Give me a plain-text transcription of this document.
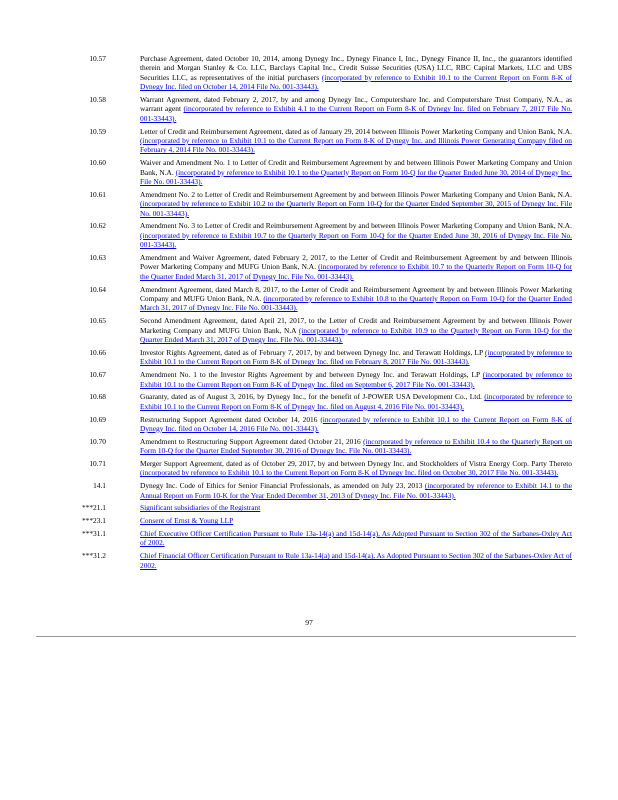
10.57	Purchase Agreement, dated October 10, 2014, among Dynegy Inc., Dynegy Finance I, Inc., Dynegy Finance II, Inc., the guarantors identified therein and Morgan Stanley & Co. LLC, Barclays Capital Inc., Credit Suisse Securities (USA) LLC, RBC Capital Markets, LLC and UBS Securities LLC, as representatives of the initial purchasers (incorporated by reference to Exhibit 10.1 to the Current Report on Form 8-K of Dynegy Inc. filed on October 14, 2014 File No. 001-33443).
10.58	Warrant Agreement, dated February 2, 2017, by and among Dynegy Inc., Computershare Inc. and Computershare Trust Company, N.A., as warrant agent (incorporated by reference to Exhibit 4.1 to the Current Report on Form 8-K of Dynegy Inc. filed on February 7, 2017 File No. 001-33443).
10.59	Letter of Credit and Reimbursement Agreement, dated as of January 29, 2014 between Illinois Power Marketing Company and Union Bank, N.A. (incorporated by reference to Exhibit 10.1 to the Current Report on Form 8-K of Dynegy Inc. and Illinois Power Generating Company filed on February 4, 2014 File No. 001-33443).
10.60	Waiver and Amendment No. 1 to Letter of Credit and Reimbursement Agreement by and between Illinois Power Marketing Company and Union Bank, N.A. (incorporated by reference to Exhibit 10.1 to the Quarterly Report on Form 10-Q for the Quarter Ended June 30, 2014 of Dynegy Inc. File No. 001-33443).
10.61	Amendment No. 2 to Letter of Credit and Reimbursement Agreement by and between Illinois Power Marketing Company and Union Bank, N.A. (incorporated by reference to Exhibit 10.2 to the Quarterly Report on Form 10-Q for the Quarter Ended September 30, 2015 of Dynegy Inc. File No. 001-33443).
10.62	Amendment No. 3 to Letter of Credit and Reimbursement Agreement by and between Illinois Power Marketing Company and Union Bank, N.A. (incorporated by reference to Exhibit 10.7 to the Quarterly Report on Form 10-Q for the Quarter Ended June 30, 2016 of Dynegy Inc. File No. 001-33443).
10.63	Amendment and Waiver Agreement, dated February 2, 2017, to the Letter of Credit and Reimbursement Agreement by and between Illinois Power Marketing Company and MUFG Union Bank, N.A. (incorporated by reference to Exhibit 10.7 to the Quarterly Report on Form 10-Q for the Quarter Ended March 31, 2017 of Dynegy Inc. File No. 001-33443).
10.64	Amendment Agreement, dated March 8, 2017, to the Letter of Credit and Reimbursement Agreement by and between Illinois Power Marketing Company and MUFG Union Bank, N.A. (incorporated by reference to Exhibit 10.8 to the Quarterly Report on Form 10-Q for the Quarter Ended March 31, 2017 of Dynegy Inc. File No. 001-33443).
10.65	Second Amendment Agreement, dated April 21, 2017, to the Letter of Credit and Reimbursement Agreement by and between Illinois Power Marketing Company and MUFG Union Bank, N.A (incorporated by reference to Exhibit 10.9 to the Quarterly Report on Form 10-Q for the Quarter Ended March 31, 2017 of Dynegy Inc. File No. 001-33443).
10.66	Investor Rights Agreement, dated as of February 7, 2017, by and between Dynegy Inc. and Terawatt Holdings, LP (incorporated by reference to Exhibit 10.1 to the Current Report on Form 8-K of Dynegy Inc. filed on February 8, 2017 File No. 001-33443).
10.67	Amendment No. 1 to the Investor Rights Agreement by and between Dynegy Inc. and Terawatt Holdings, LP (incorporated by reference to Exhibit 10.1 to the Current Report on Form 8-K of Dynegy Inc. filed on September 6, 2017 File No. 001-33443).
10.68	Guaranty, dated as of August 3, 2016, by Dynegy Inc., for the benefit of J-POWER USA Development Co., Ltd. (incorporated by reference to Exhibit 10.1 to the Current Report on Form 8-K of Dynegy Inc. filed on August 4, 2016 File No. 001-33443).
10.69	Restructuring Support Agreement dated October 14, 2016 (incorporated by reference to Exhibit 10.1 to the Current Report on Form 8-K of Dynegy Inc. filed on October 14, 2016 File No. 001-33443).
10.70	Amendment to Restructuring Support Agreement dated October 21, 2016 (incorporated by reference to Exhibit 10.4 to the Quarterly Report on Form 10-Q for the Quarter Ended September 30, 2016 of Dynegy Inc. File No. 001-33443).
10.71	Merger Support Agreement, dated as of October 29, 2017, by and between Dynegy Inc. and Stockholders of Vistra Energy Corp. Party Thereto (incorporated by reference to Exhibit 10.1 to the Current Report on Form 8-K of Dynegy Inc. filed on October 30, 2017 File No. 001-33443).
14.1	Dynegy Inc. Code of Ethics for Senior Financial Professionals, as amended on July 23, 2013 (incorporated by reference to Exhibit 14.1 to the Annual Report on Form 10-K for the Year Ended December 31, 2013 of Dynegy Inc. File No. 001-33443).
***21.1	Significant subsidiaries of the Registrant
***23.1	Consent of Ernst & Young LLP
***31.1	Chief Executive Officer Certification Pursuant to Rule 13a-14(a) and 15d-14(a), As Adopted Pursuant to Section 302 of the Sarbanes-Oxley Act of 2002.
***31.2	Chief Financial Officer Certification Pursuant to Rule 13a-14(a) and 15d-14(a), As Adopted Pursuant to Section 302 of the Sarbanes-Oxley Act of 2002.
97
